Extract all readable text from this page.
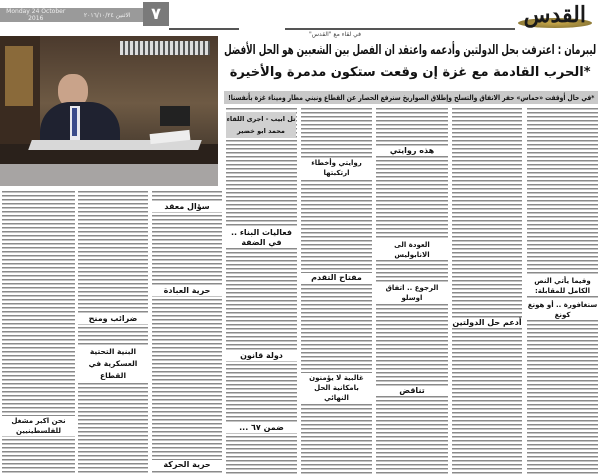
Monday 24 October 2016	الاثنين ٢٠١٦/١٠/٢٤	٧	القدس
في لقاء مع "القدس"
ليبرمان : اعترفت بحل الدولتين وأدعمه واعتقد ان الفصل بين الشعبين هو الحل الأفضل
*الحرب القادمة مع غزة إن وقعت ستكون مدمرة والأخيرة
*في حال أوقفت «حماس» حفر الانفاق والتسلح وإطلاق الصواريخ سنرفع الحصار عن القطاع ونبني مطار وميناء غزة بأنفسنا!
تل ابيب - اجرى اللقاء
محمد ابو خضير
وفيما يأتي النص الكامل للمقابلة:
سنغافورة .. أو هونغ كونغ
أدعم حل الدولتين
هذه روايتي
العودة الى الانابوليس
الرجوع .. اتفاق اوسلو
تناقض
روايتي وأخطاء ارتكبتها
مفتاح التقدم
غالبية لا يؤمنون بامكانية الحل النهائي
فعاليات البناء .. في الضفة
دولة قانون
ضمن ٦٧ ...
سؤال معقد
حرية العبادة
حرية الحركة
ضرائب ومنح
البنية التحتية العسكرية في القطاع
نحن اكبر مشغل للفلسطينيين
